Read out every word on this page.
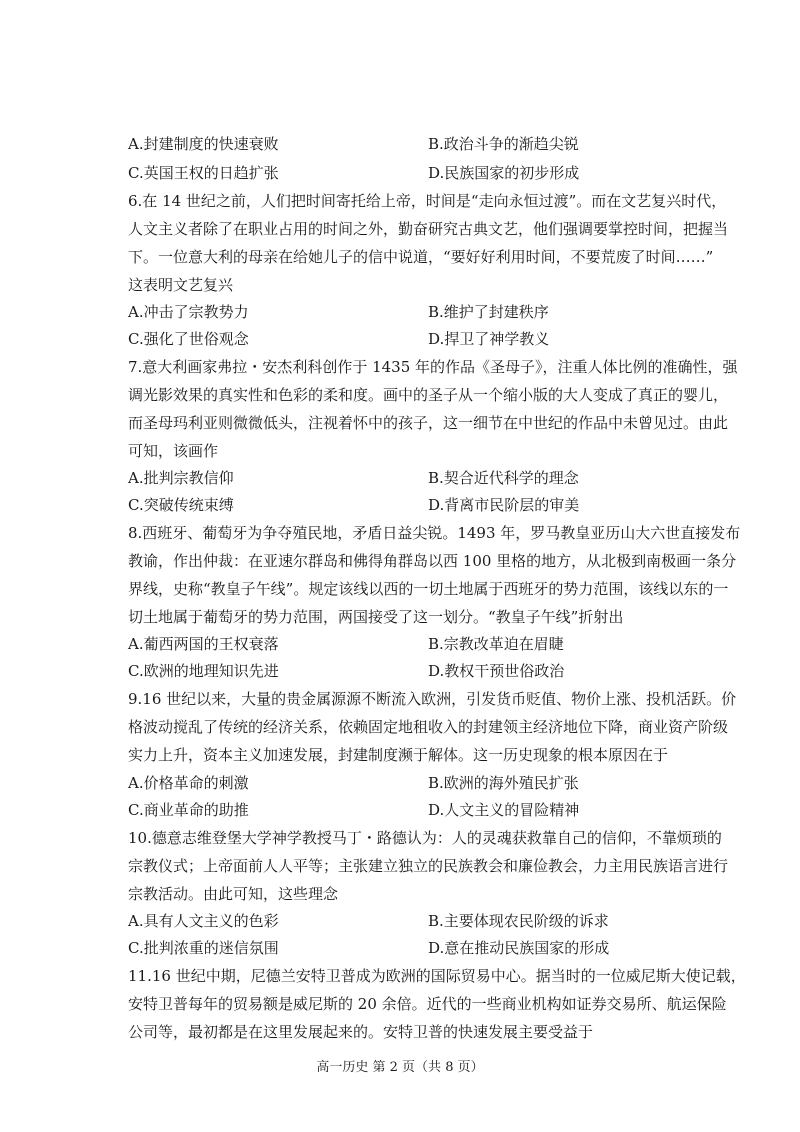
A.封建制度的快速衰败	B.政治斗争的渐趋尖锐
C.英国王权的日趋扩张	D.民族国家的初步形成
6.在 14 世纪之前，人们把时间寄托给上帝，时间是“走向永恒过渡”。而在文艺复兴时代，
人文主义者除了在职业占用的时间之外，勤奋研究古典文艺，他们强调要掌控时间，把握当
下。一位意大利的母亲在给她儿子的信中说道，“要好好利用时间，不要荒废了时间……”
这表明文艺复兴
A.冲击了宗教势力	B.维护了封建秩序
C.强化了世俗观念	D.捍卫了神学教义
7.意大利画家弗拉・安杰利科创作于 1435 年的作品《圣母子》，注重人体比例的准确性，强
调光影效果的真实性和色彩的柔和度。画中的圣子从一个缩小版的大人变成了真正的婴儿，
而圣母玛利亚则微微低头，注视着怀中的孩子，这一细节在中世纪的作品中未曾见过。由此
可知，该画作
A.批判宗教信仰	B.契合近代科学的理念
C.突破传统束缚	D.背离市民阶层的审美
8.西班牙、葡萄牙为争夺殖民地，矛盾日益尖锐。1493 年，罗马教皇亚历山大六世直接发布
教谕，作出仲裁：在亚速尔群岛和佛得角群岛以西 100 里格的地方，从北极到南极画一条分
界线，史称“教皇子午线”。规定该线以西的一切土地属于西班牙的势力范围，该线以东的一
切土地属于葡萄牙的势力范围，两国接受了这一划分。“教皇子午线”折射出
A.葡西两国的王权衰落	B.宗教改革迫在眉睫
C.欧洲的地理知识先进	D.教权干预世俗政治
9.16 世纪以来，大量的贵金属源源不断流入欧洲，引发货币贬值、物价上涨、投机活跃。价
格波动搅乱了传统的经济关系，依赖固定地租收入的封建领主经济地位下降，商业资产阶级
实力上升，资本主义加速发展，封建制度濒于解体。这一历史现象的根本原因在于
A.价格革命的刺激	B.欧洲的海外殖民扩张
C.商业革命的助推	D.人文主义的冒险精神
10.德意志维登堡大学神学教授马丁・路德认为：人的灵魂获救靠自己的信仰，不靠烦琐的
宗教仪式；上帝面前人人平等；主张建立独立的民族教会和廉俭教会，力主用民族语言进行
宗教活动。由此可知，这些理念
A.具有人文主义的色彩	B.主要体现农民阶级的诉求
C.批判浓重的迷信氛围	D.意在推动民族国家的形成
11.16 世纪中期，尼德兰安特卫普成为欧洲的国际贸易中心。据当时的一位威尼斯大使记载，
安特卫普每年的贸易额是威尼斯的 20 余倍。近代的一些商业机构如证券交易所、航运保险
公司等，最初都是在这里发展起来的。安特卫普的快速发展主要受益于
高一历史 第 2 页（共 8 页）
